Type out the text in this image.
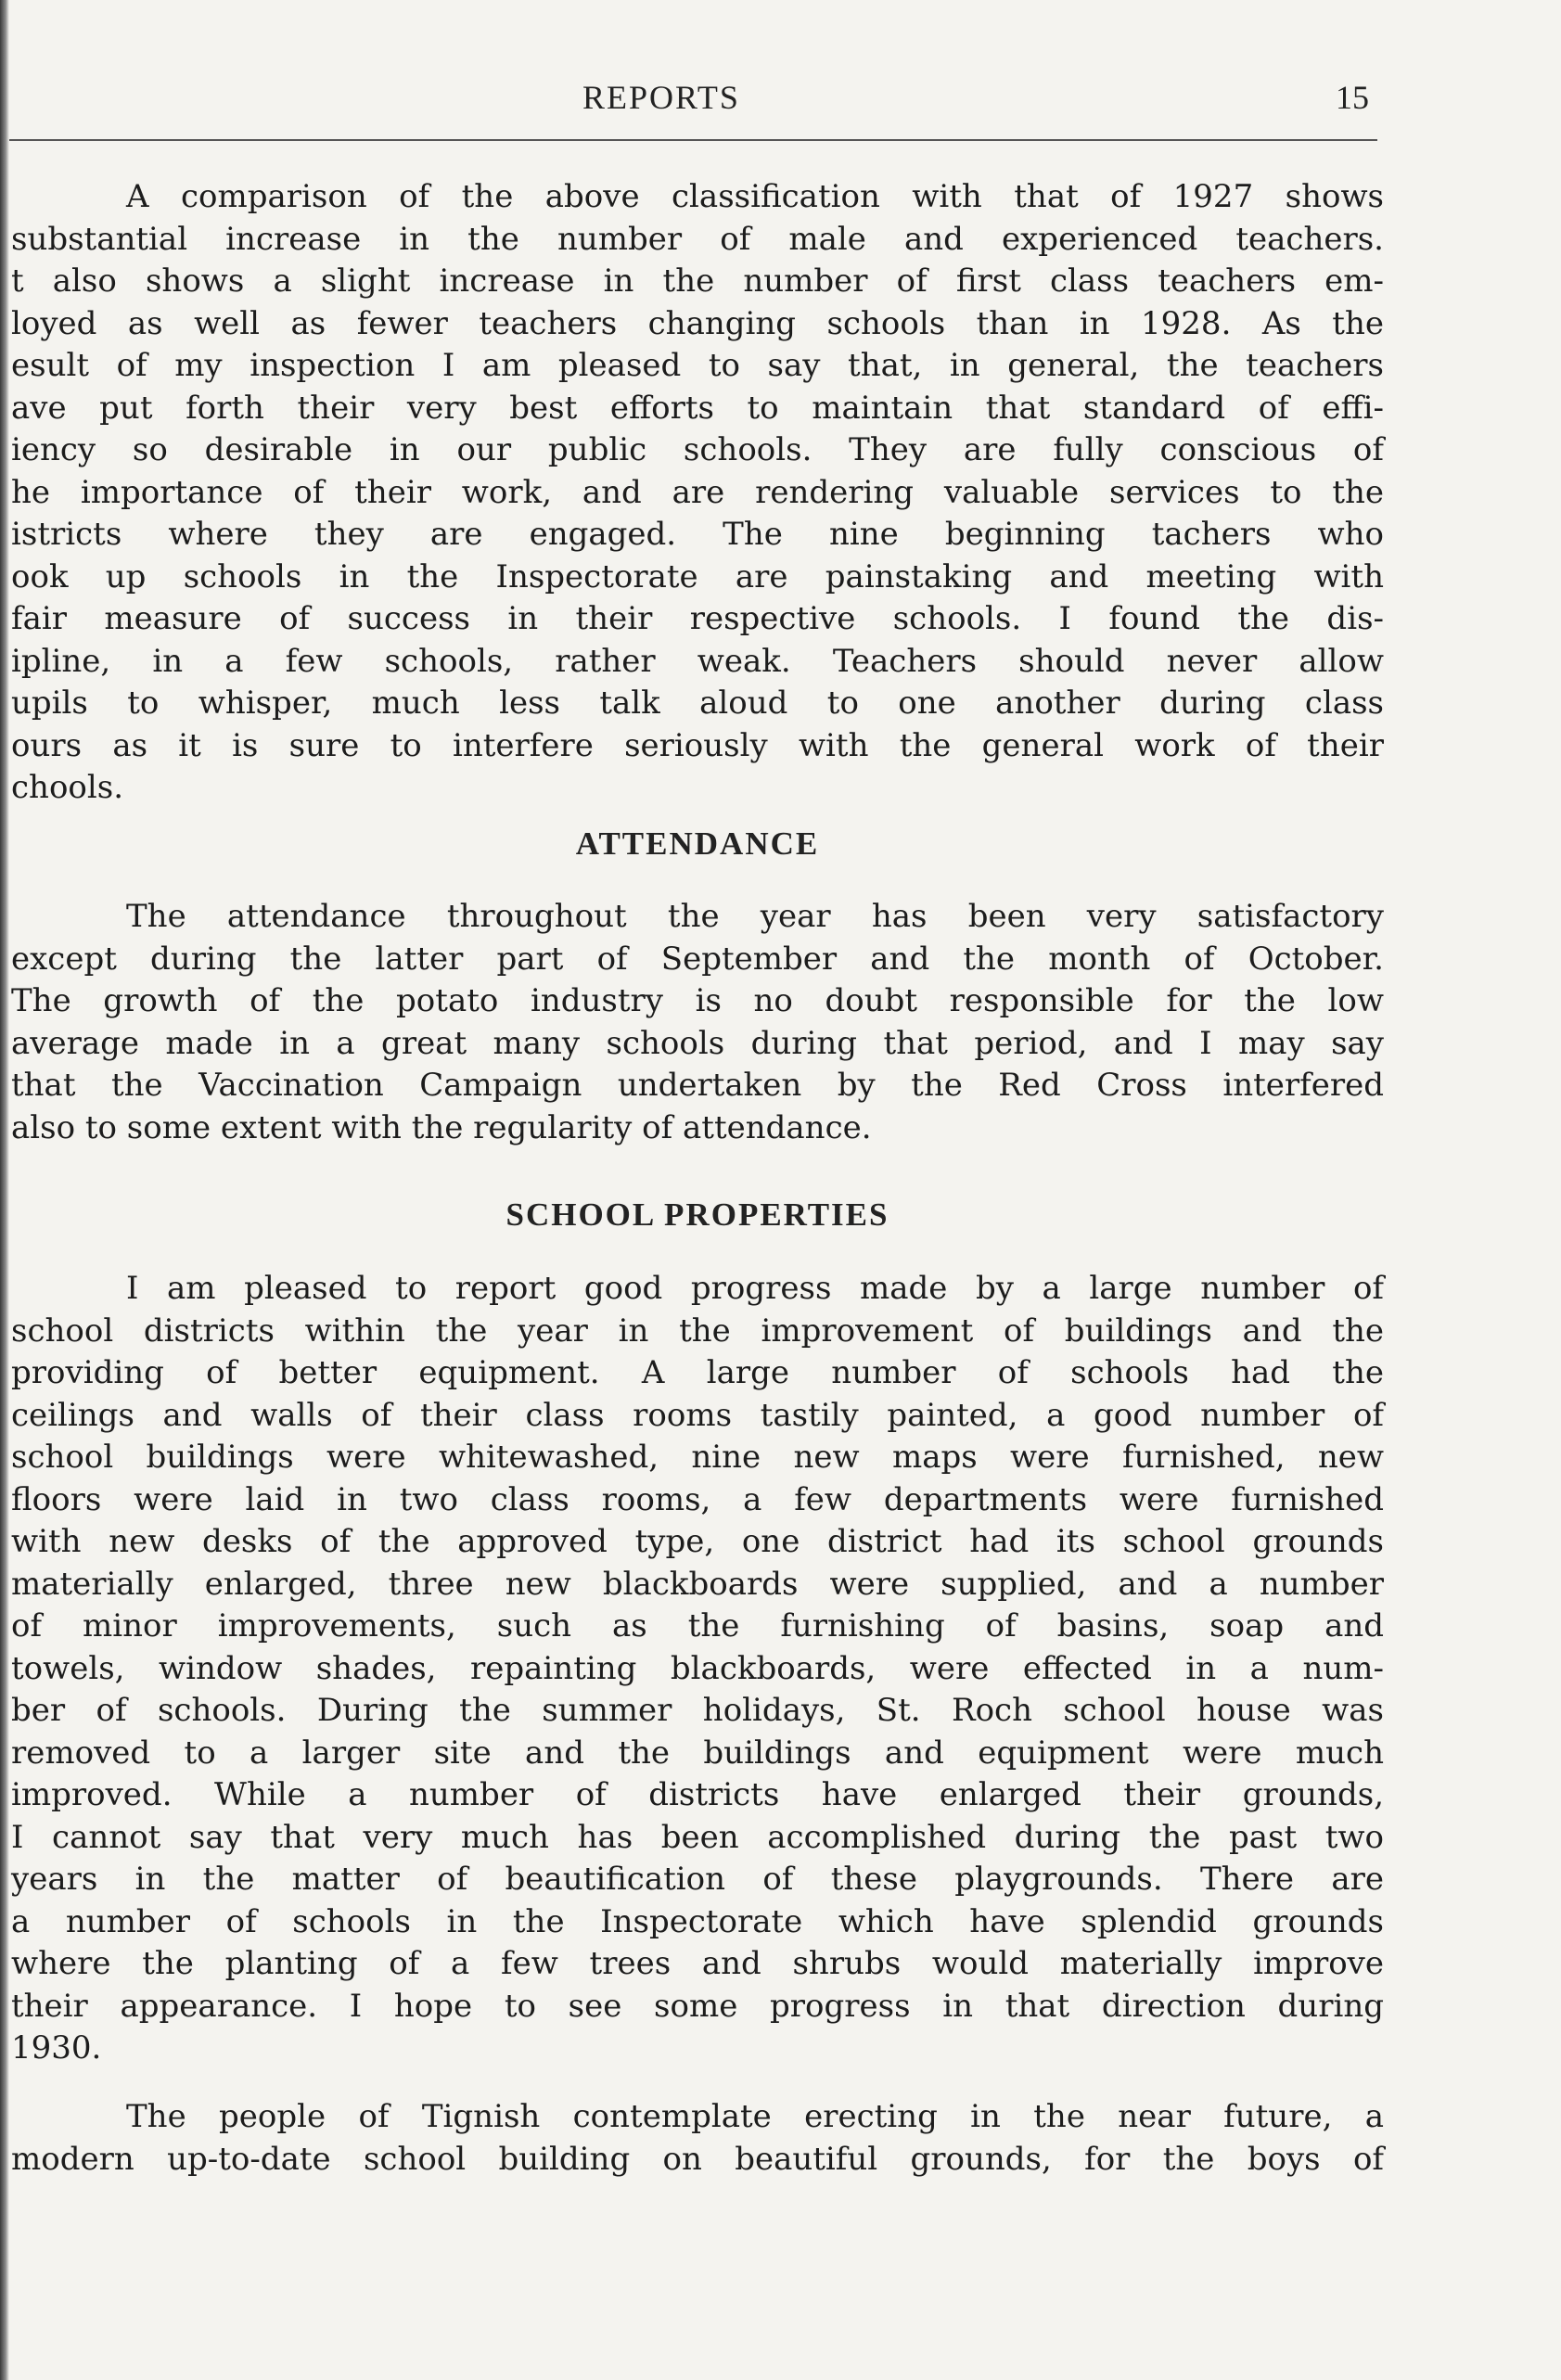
REPORTS	15

A comparison of the above classification with that of 1927 shows

substantial increase in the number of male and experienced teachers.

t also shows a slight increase in the number of first class teachers em-

loyed as well as fewer teachers changing schools than in 1928. As the

esult of my inspection I am pleased to say that, in general, the teachers

ave put forth their very best efforts to maintain that standard of effi-

iency so desirable in our public schools. They are fully conscious of

he importance of their work, and are rendering valuable services to the

istricts where they are engaged. The nine beginning tachers who

ook up schools in the Inspectorate are painstaking and meeting with

fair measure of success in their respective schools. I found the dis-

ipline, in a few schools, rather weak. Teachers should never allow

upils to whisper, much less talk aloud to one another during class

ours as it is sure to interfere seriously with the general work of their

chools.

ATTENDANCE

The attendance throughout the year has been very satisfactory

except during the latter part of September and the month of October.

The growth of the potato industry is no doubt responsible for the low

average made in a great many schools during that period, and I may say

that the Vaccination Campaign undertaken by the Red Cross interfered

also to some extent with the regularity of attendance.

SCHOOL PROPERTIES

I am pleased to report good progress made by a large number of

school districts within the year in the improvement of buildings and the

providing of better equipment. A large number of schools had the

ceilings and walls of their class rooms tastily painted, a good number of

school buildings were whitewashed, nine new maps were furnished, new

floors were laid in two class rooms, a few departments were furnished

with new desks of the approved type, one district had its school grounds

materially enlarged, three new blackboards were supplied, and a number

of minor improvements, such as the furnishing of basins, soap and

towels, window shades, repainting blackboards, were effected in a num-

ber of schools. During the summer holidays, St. Roch school house was

removed to a larger site and the buildings and equipment were much

improved. While a number of districts have enlarged their grounds,

I cannot say that very much has been accomplished during the past two

years in the matter of beautification of these playgrounds. There are

a number of schools in the Inspectorate which have splendid grounds

where the planting of a few trees and shrubs would materially improve

their appearance. I hope to see some progress in that direction during

1930.

The people of Tignish contemplate erecting in the near future, a

modern up-to-date school building on beautiful grounds, for the boys of
